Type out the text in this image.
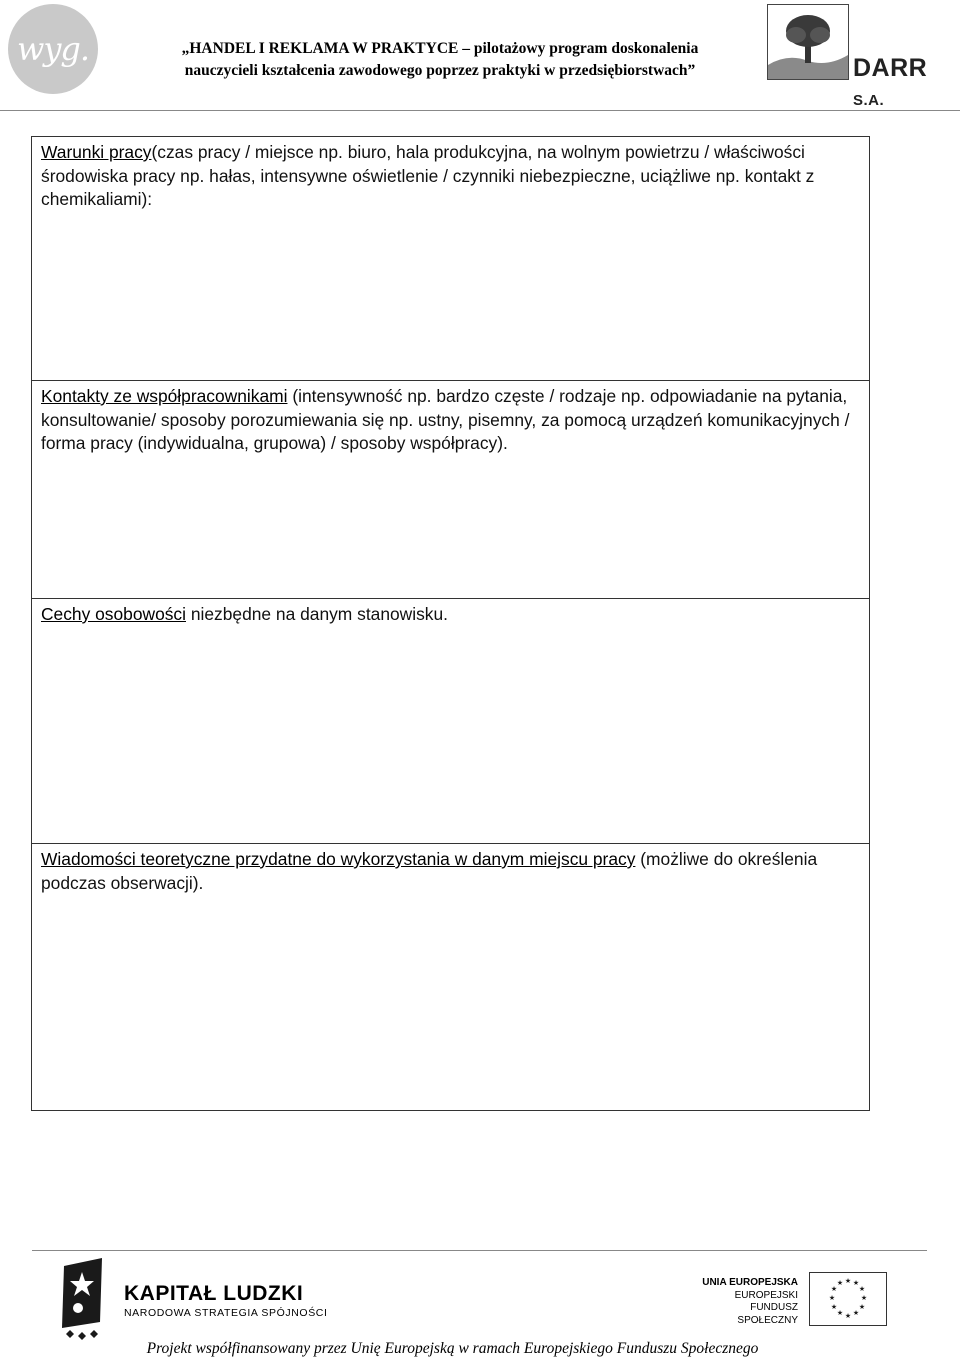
wyg.	„HANDEL I REKLAMA W PRAKTYCE – pilotażowy program doskonalenia
nauczycieli kształcenia zawodowego poprzez praktyki w przedsiębiorstwach”	DARR S.A.
Warunki pracy(czas pracy / miejsce np. biuro, hala produkcyjna, na wolnym powietrzu / właściwości środowiska pracy np. hałas, intensywne oświetlenie / czynniki niebezpieczne, uciążliwe np. kontakt z chemikaliami):
Kontakty ze współpracownikami (intensywność np. bardzo częste / rodzaje np. odpowiadanie na pytania, konsultowanie/ sposoby porozumiewania się np. ustny, pisemny, za pomocą urządzeń komunikacyjnych / forma pracy (indywidualna, grupowa) / sposoby współpracy).
Cechy osobowości niezbędne na danym stanowisku.
Wiadomości teoretyczne przydatne do wykorzystania w danym miejscu pracy (możliwe do określenia podczas obserwacji).
KAPITAŁ LUDZKI
NARODOWA STRATEGIA SPÓJNOŚCI
UNIA EUROPEJSKA
EUROPEJSKI
FUNDUSZ SPOŁECZNY
★ ★
★
★
★
★
★
★
★
★
★
★
Projekt współfinansowany przez Unię Europejską w ramach Europejskiego Funduszu Społecznego
